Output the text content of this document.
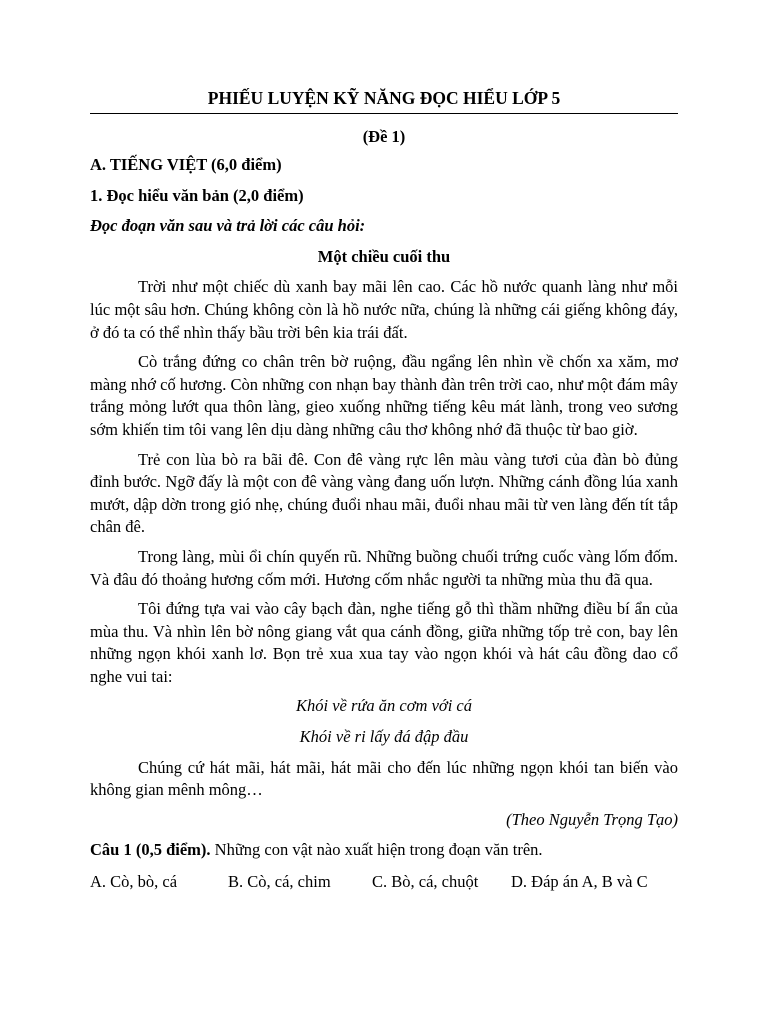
PHIẾU LUYỆN KỸ NĂNG ĐỌC HIỂU LỚP 5
(Đề 1)

A. TIẾNG VIỆT (6,0 điểm)

1. Đọc hiểu văn bản (2,0 điểm)

Đọc đoạn văn sau và trả lời các câu hỏi:

Một chiều cuối thu

Trời như một chiếc dù xanh bay mãi lên cao. Các hồ nước quanh làng như mỗi lúc một sâu hơn. Chúng không còn là hồ nước nữa, chúng là những cái giếng không đáy, ở đó ta có thể nhìn thấy bầu trời bên kia trái đất.

Cò trắng đứng co chân trên bờ ruộng, đầu ngẩng lên nhìn về chốn xa xăm, mơ màng nhớ cố hương. Còn những con nhạn bay thành đàn trên trời cao, như một đám mây trắng mỏng lướt qua thôn làng, gieo xuống những tiếng kêu mát lành, trong veo sương sớm khiến tim tôi vang lên dịu dàng những câu thơ không nhớ đã thuộc từ bao giờ.

Trẻ con lùa bò ra bãi đê. Con đê vàng rực lên màu vàng tươi của đàn bò đủng đỉnh bước. Ngỡ đấy là một con đê vàng vàng đang uốn lượn. Những cánh đồng lúa xanh mướt, dập dờn trong gió nhẹ, chúng đuổi nhau mãi, đuổi nhau mãi từ ven làng đến tít tắp chân đê.

Trong làng, mùi ổi chín quyến rũ. Những buồng chuối trứng cuốc vàng lốm đốm. Và đâu đó thoảng hương cốm mới. Hương cốm nhắc người ta những mùa thu đã qua.

Tôi đứng tựa vai vào cây bạch đàn, nghe tiếng gỗ thì thầm những điều bí ẩn của mùa thu. Và nhìn lên bờ nông giang vắt qua cánh đồng, giữa những tốp trẻ con, bay lên những ngọn khói xanh lơ. Bọn trẻ xua xua tay vào ngọn khói và hát câu đồng dao cổ nghe vui tai:

Khói về rứa ăn cơm với cá

Khói về ri lấy đá đập đầu

Chúng cứ hát mãi, hát mãi, hát mãi cho đến lúc những ngọn khói tan biến vào không gian mênh mông…

(Theo Nguyễn Trọng Tạo)

Câu 1 (0,5 điểm). Những con vật nào xuất hiện trong đoạn văn trên.

A. Cò, bò, cá	B. Cò, cá, chim	C. Bò, cá, chuột	D. Đáp án A, B và C
